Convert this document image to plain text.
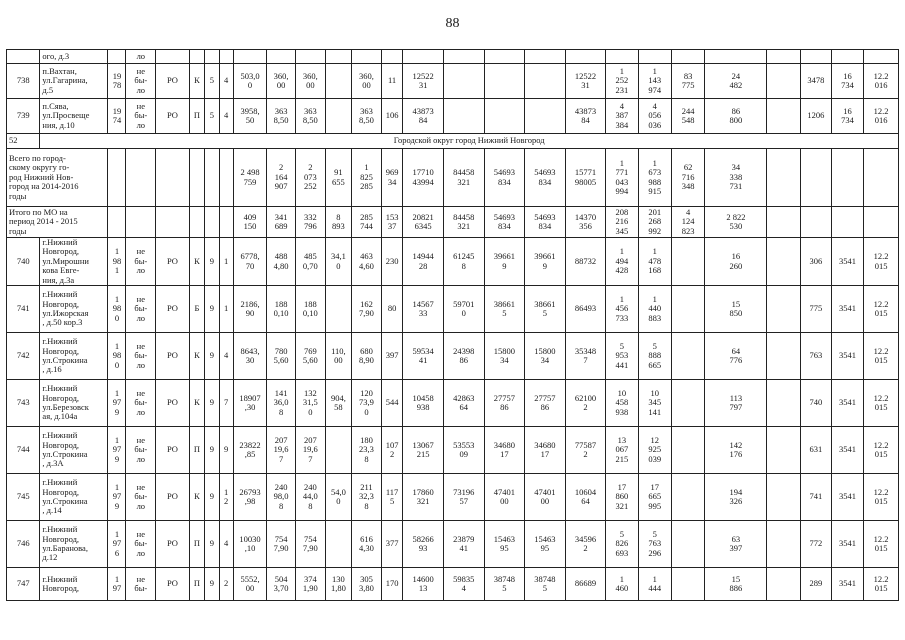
88
	ого, д.3		ло																							
738	п.Вахтан,
ул.Гагарина,
д.5	19
78	не
бы-
ло	РО	К	5	4	503,0
0	360,
00	360,
00		360,
00	11	12522
31				12522
31	1
252
231	1
143
974	83
775	24
482		3478	16
734	12.2
016
739	п.Сява,
ул.Просвеще
ния, д.10	19
74	не
бы-
ло	РО	П	5	4	3958,
50	363
8,50	363
8,50		363
8,50	106	43873
84				43873
84	4
387
384	4
056
036	244
548	86
800		1206	16
734	12.2
016
52	Городской округ город Нижний Новгород																									
Всего по город-
скому округу го-
род Нижний Нов-
город на 2014-2016
годы								2 498
759	2
164
907	2
073
252	91
655	1
825
285	969
34	17710
43994	84458
321	54693
834	54693
834	15771
98005	1
771
043
994	1
673
988
915	62
716
348	34
338
731				
Итого по МО на
период 2014 - 2015
годы								409
150	341
689	332
796	8
893	285
744	153
37	20821
6345	84458
321	54693
834	54693
834	14370
356	208
216
345	201
268
992	4
124
823	2 822
530				
740	г.Нижний
Новгород,
ул.Мирошни
кова Евге-
ния, д.3а	1
98
1	не
бы-
ло	РО	К	9	1	6778,
70	488
4,80	485
0,70	34,1
0	463
4,60	230	14944
28	61245
8	39661
9	39661
9	88732	1
494
428	1
478
168		16
260		306	3541	12.2
015
741	г.Нижний
Новгород,
ул.Ижорская
, д.50 кор.3	1
98
0	не
бы-
ло	РО	Б	9	1	2186,
90	188
0,10	188
0,10		162
7,90	80	14567
33	59701
0	38661
5	38661
5	86493	1
456
733	1
440
883		15
850		775	3541	12.2
015
742	г.Нижний
Новгород,
ул.Строкина
, д.16	1
98
0	не
бы-
ло	РО	К	9	4	8643,
30	780
5,60	769
5,60	110,
00	680
8,90	397	59534
41	24398
86	15800
34	15800
34	35348
7	5
953
441	5
888
665		64
776		763	3541	12.2
015
743	г.Нижний
Новгород,
ул.Березовск
ая, д.104а	1
97
9	не
бы-
ло	РО	К	9	7	18907
,30	141
36,0
8	132
31,5
0	904,
58	120
73,9
0	544	10458
938	42863
64	27757
86	27757
86	62100
2	10
458
938	10
345
141		113
797		740	3541	12.2
015
744	г.Нижний
Новгород,
ул.Строкина
, д.3А	1
97
9	не
бы-
ло	РО	П	9	9	23822
,85	207
19,6
7	207
19,6
7		180
23,3
8	107
2	13067
215	53553
09	34680
17	34680
17	77587
2	13
067
215	12
925
039		142
176		631	3541	12.2
015
745	г.Нижний
Новгород,
ул.Строкина
, д.14	1
97
9	не
бы-
ло	РО	К	9	1
2	26793
,98	240
98,0
8	240
44,0
8	54,0
0	211
32,3
8	117
5	17860
321	73196
57	47401
00	47401
00	10604
64	17
860
321	17
665
995		194
326		741	3541	12.2
015
746	г.Нижний
Новгород,
ул.Баранова,
д.12	1
97
6	не
бы-
ло	РО	П	9	4	10030
,10	754
7,90	754
7,90		616
4,30	377	58266
93	23879
41	15463
95	15463
95	34596
2	5
826
693	5
763
296		63
397		772	3541	12.2
015
747	г.Нижний
Новгород,	1
97	не
бы-	РО	П	9	2	5552,
00	504
3,70	374
1,90	130
1,80	305
3,80	170	14600
13	59835
4	38748
5	38748
5	86689	1
460	1
444		15
886		289	3541	12.2
015
